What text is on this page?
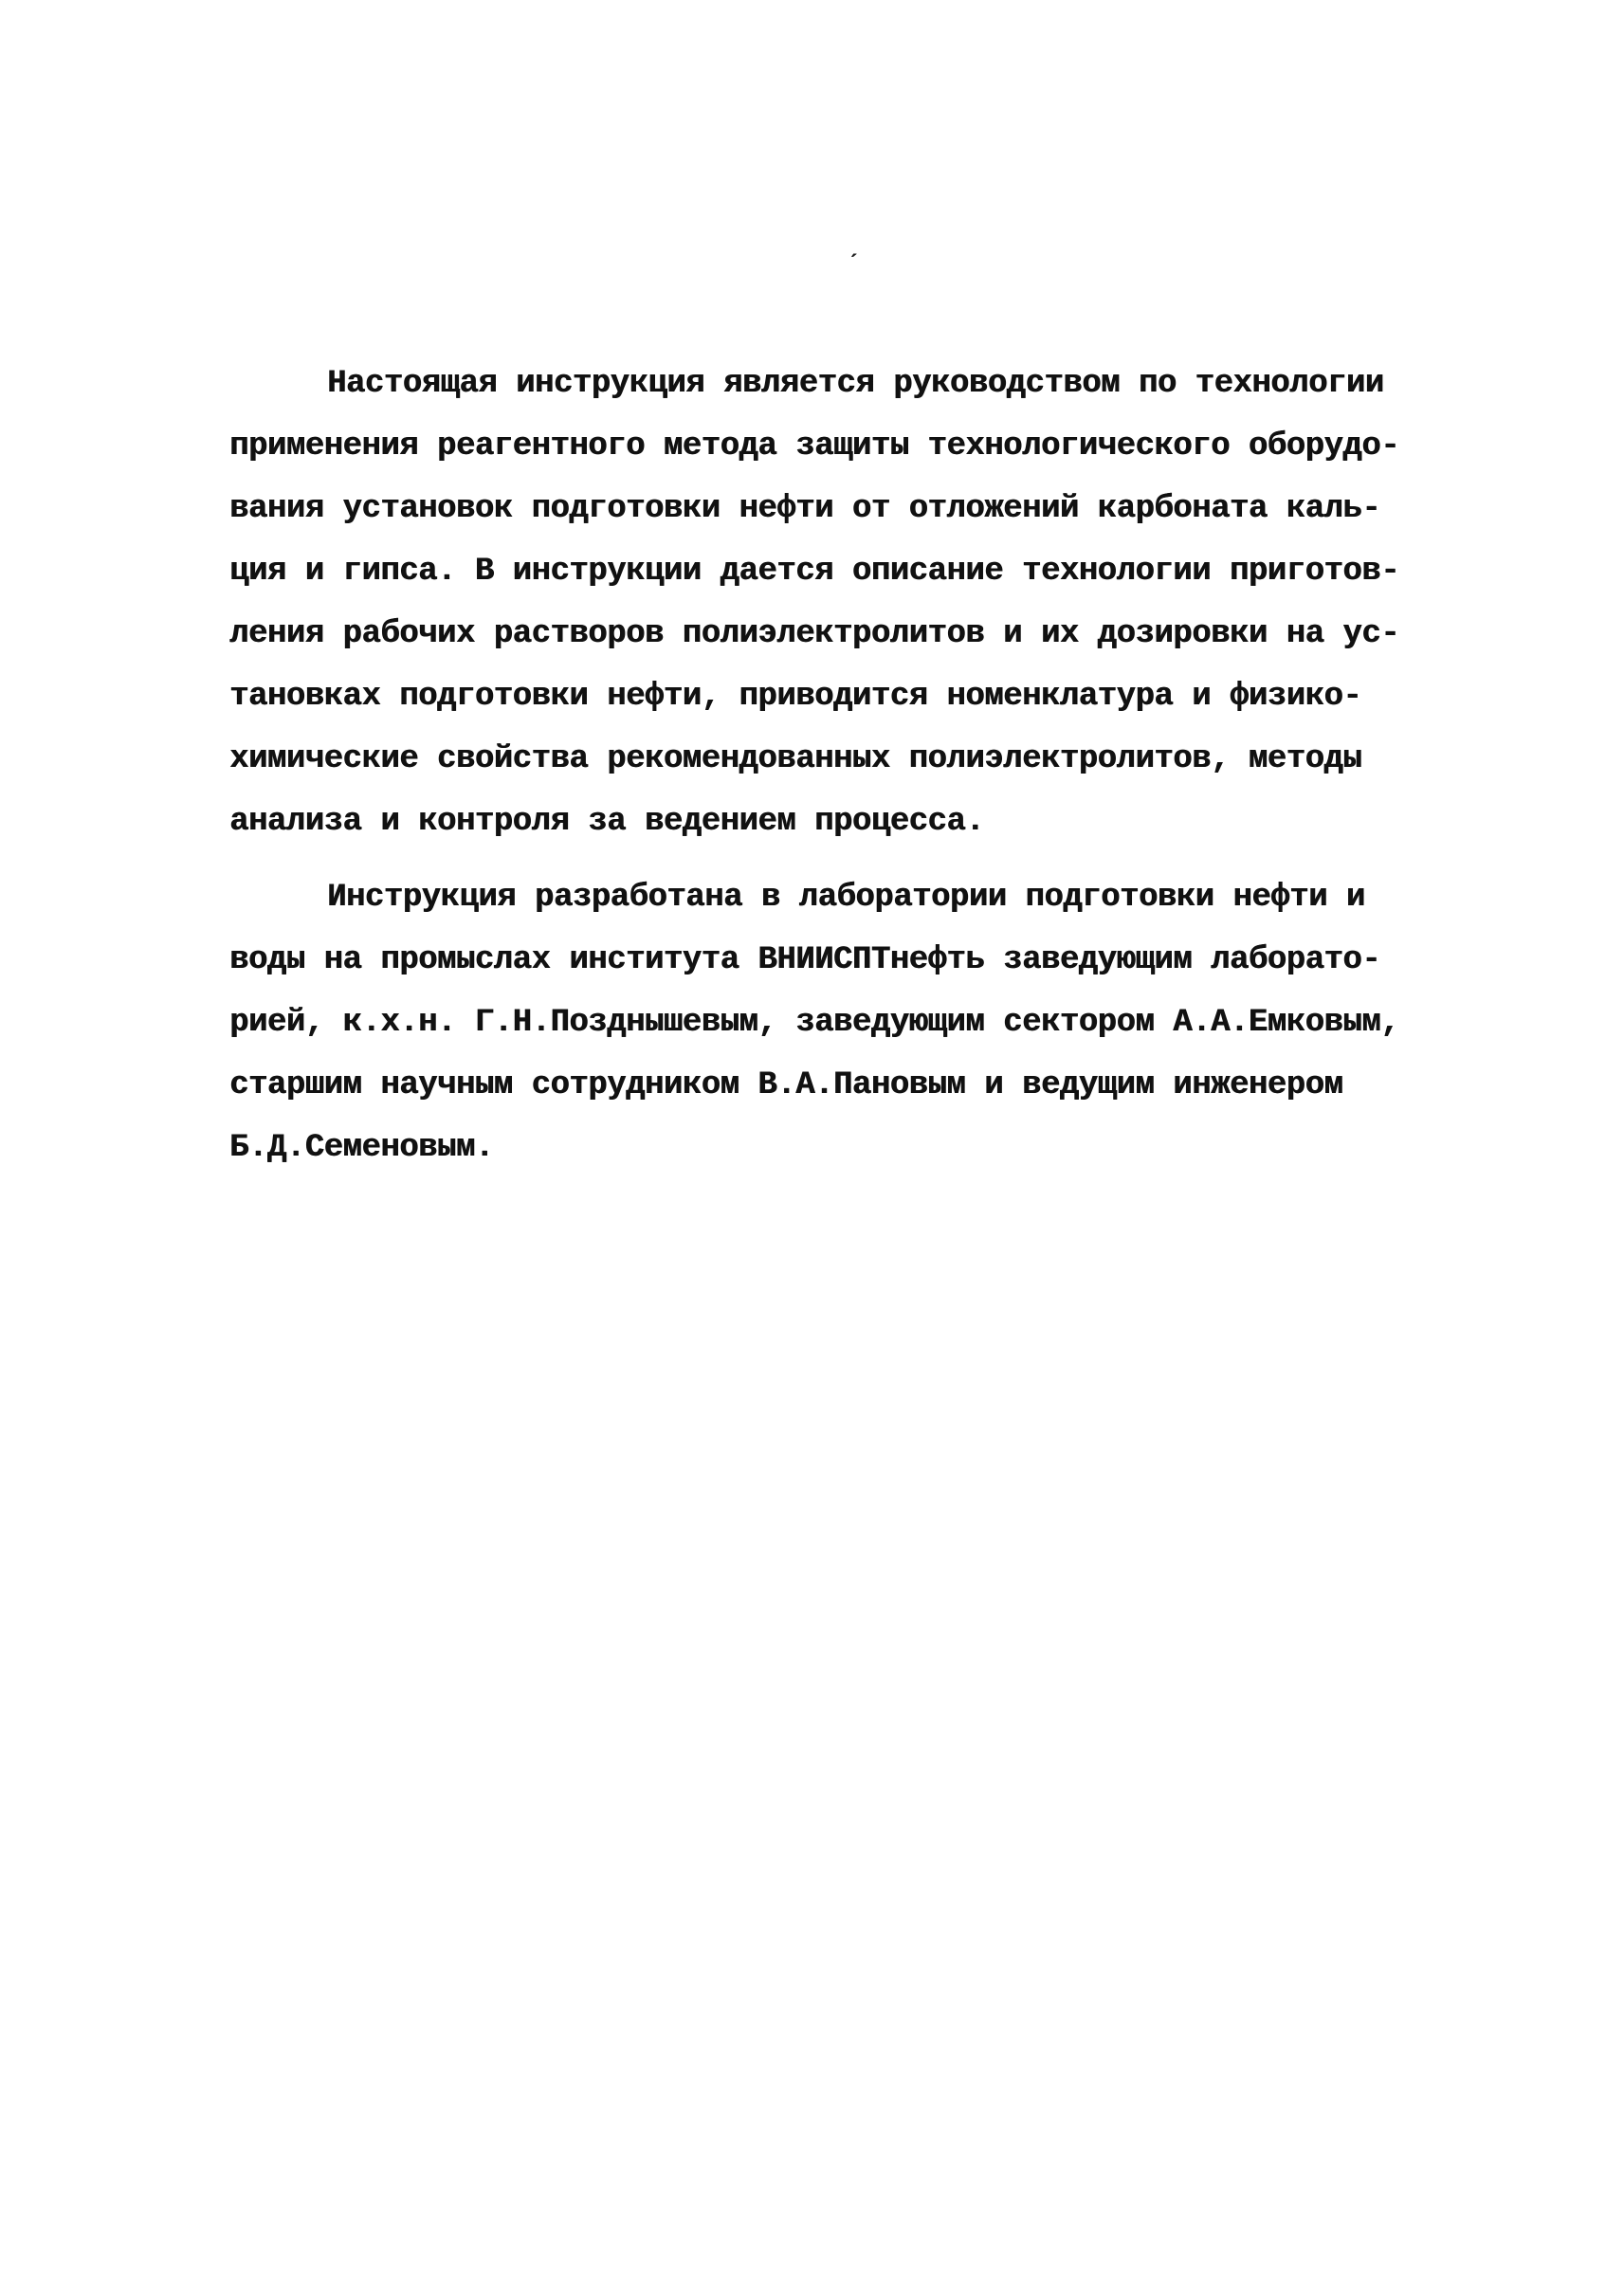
ˏ
Настоящая инструкция является руководством по технологии
применения реагентного метода защиты технологического оборудо-
вания установок подготовки нефти от отложений карбоната каль-
ция и гипса. В инструкции дается описание технологии приготов-
ления рабочих растворов полиэлектролитов и их дозировки на ус-
тановках подготовки нефти, приводится номенклатура и физико-
химические свойства рекомендованных полиэлектролитов, методы
анализа и контроля за ведением процесса.
Инструкция разработана в лаборатории подготовки нефти и
воды на промыслах института ВНИИСПТнефть заведующим лаборато-
рией, к.х.н. Г.Н.Позднышевым, заведующим сектором А.А.Емковым,
старшим научным сотрудником В.А.Пановым и ведущим инженером
Б.Д.Семеновым.
